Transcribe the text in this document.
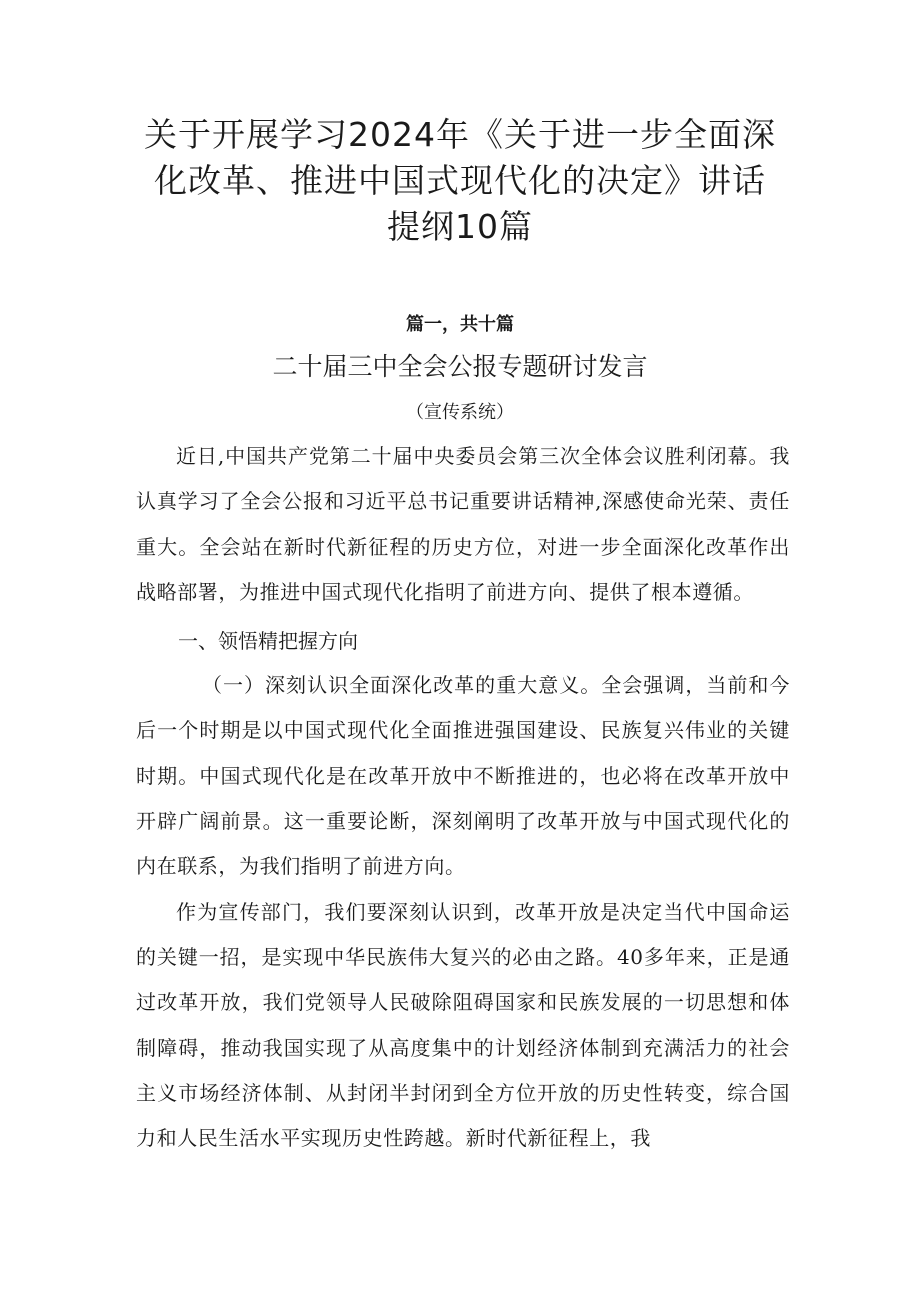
关于开展学习2024年《关于进一步全面深
化改革、推进中国式现代化的决定》讲话
提纲10篇
篇一，共十篇
二十届三中全会公报专题研讨发言
（宣传系统）

近日,中国共产党第二十届中央委员会第三次全体会议胜利闭幕。我认真学习了全会公报和习近平总书记重要讲话精神,深感使命光荣、责任重大。全会站在新时代新征程的历史方位，对进一步全面深化改革作出战略部署，为推进中国式现代化指明了前进方向、提供了根本遵循。

一、领悟精把握方向

（一）深刻认识全面深化改革的重大意义。全会强调，当前和今后一个时期是以中国式现代化全面推进强国建设、民族复兴伟业的关键时期。中国式现代化是在改革开放中不断推进的，也必将在改革开放中开辟广阔前景。这一重要论断，深刻阐明了改革开放与中国式现代化的内在联系，为我们指明了前进方向。

作为宣传部门，我们要深刻认识到，改革开放是决定当代中国命运的关键一招，是实现中华民族伟大复兴的必由之路。40多年来，正是通过改革开放，我们党领导人民破除阻碍国家和民族发展的一切思想和体制障碍，推动我国实现了从高度集中的计划经济体制到充满活力的社会主义市场经济体制、从封闭半封闭到全方位开放的历史性转变，综合国力和人民生活水平实现历史性跨越。新时代新征程上，我
